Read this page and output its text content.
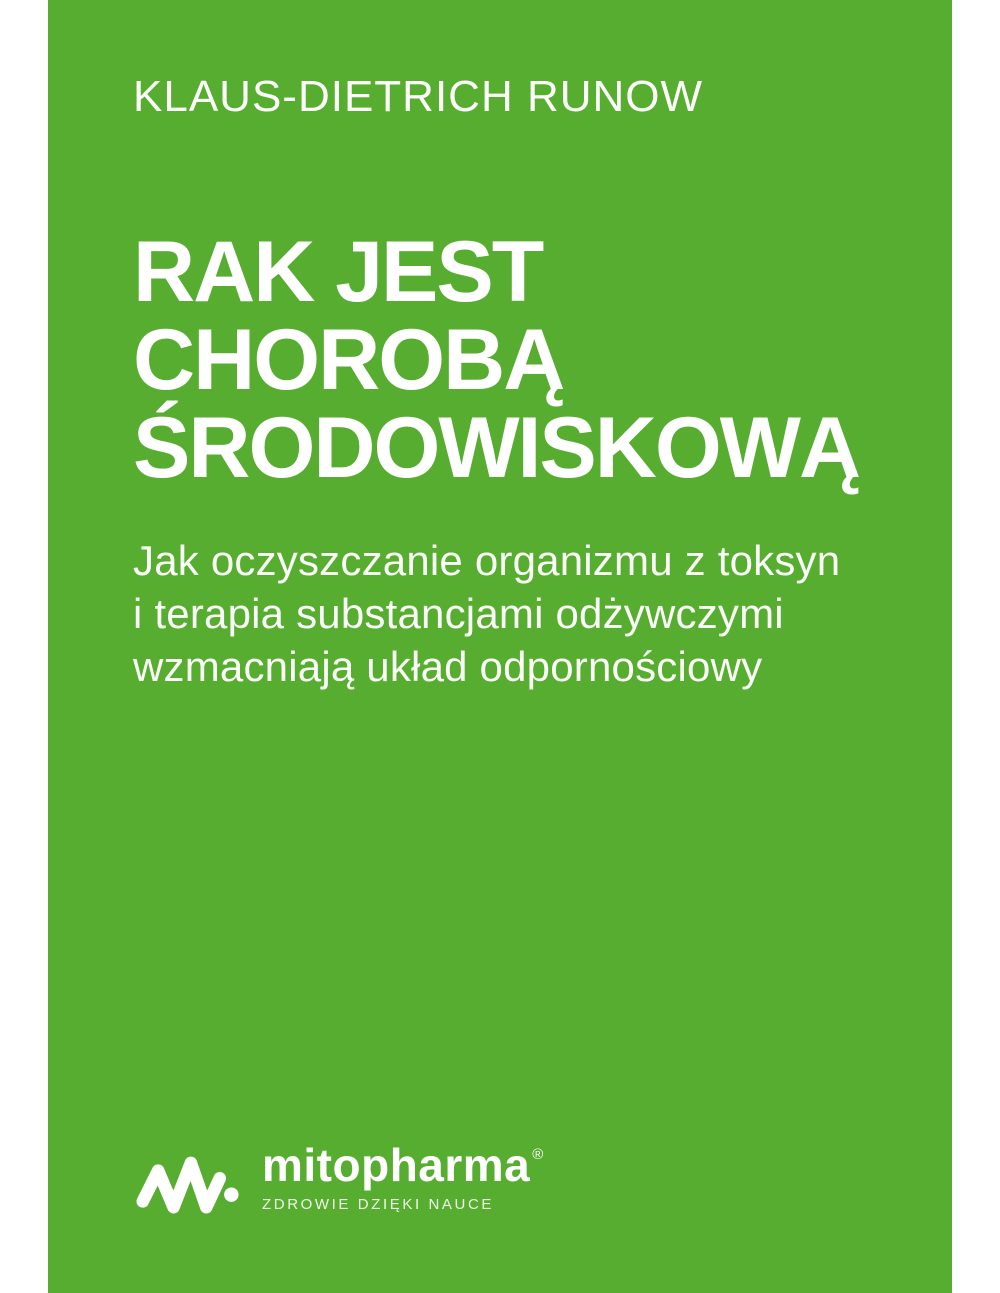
KLAUS-DIETRICH RUNOW
RAK JEST
CHOROBĄ
ŚRODOWISKOWĄ
Jak oczyszczanie organizmu z toksyn
i terapia substancjami odżywczymi
wzmacniają układ odpornościowy
mitopharma ®
ZDROWIE DZIĘKI NAUCE
